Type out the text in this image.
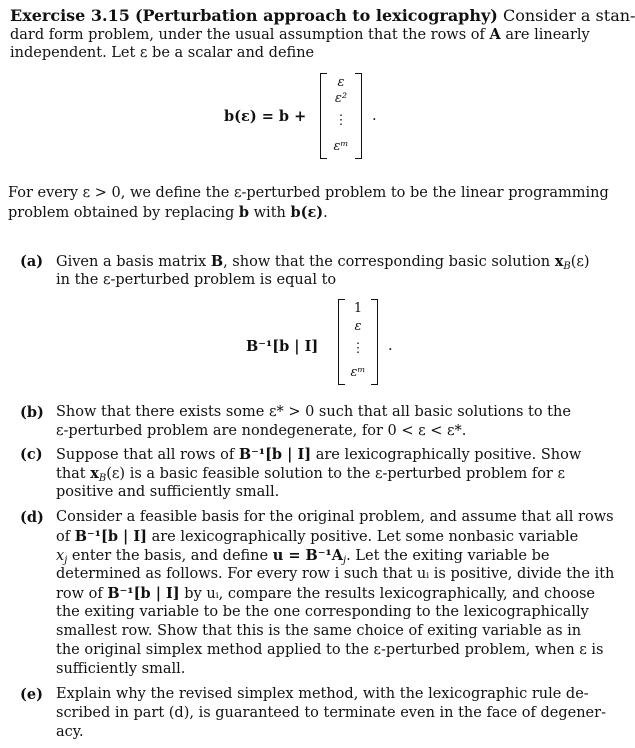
Exercise 3.15 (Perturbation approach to lexicography) Consider a stan-
dard form problem, under the usual assumption that the rows of A are linearly
independent. Let ε be a scalar and define
b(ε) = b +
ε
ε²
⋮
εᵐ
.
For every ε > 0, we define the ε-perturbed problem to be the linear programming
problem obtained by replacing b with b(ε).
(a) Given a basis matrix B, show that the corresponding basic solution $x_B(\varepsilon)$
in the ε-perturbed problem is equal to
B⁻¹[b | I]
1
ε
⋮
εᵐ
.
(b) Show that there exists some ε* > 0 such that all basic solutions to the
ε-perturbed problem are nondegenerate, for 0 < ε < ε*.
(c) Suppose that all rows of B⁻¹[b | I] are lexicographically positive. Show
that $x_B(\varepsilon)$ is a basic feasible solution to the ε-perturbed problem for ε
positive and sufficiently small.
(d) Consider a feasible basis for the original problem, and assume that all rows
of B⁻¹[b | I] are lexicographically positive. Let some nonbasic variable
$x_j$ enter the basis, and define $u = B^{-1}A_j$. Let the exiting variable be
determined as follows. For every row i such that uᵢ is positive, divide the ith
row of B⁻¹[b | I] by uᵢ, compare the results lexicographically, and choose
the exiting variable to be the one corresponding to the lexicographically
smallest row. Show that this is the same choice of exiting variable as in
the original simplex method applied to the ε-perturbed problem, when ε is
sufficiently small.
(e) Explain why the revised simplex method, with the lexicographic rule de-
scribed in part (d), is guaranteed to terminate even in the face of degener-
acy.
